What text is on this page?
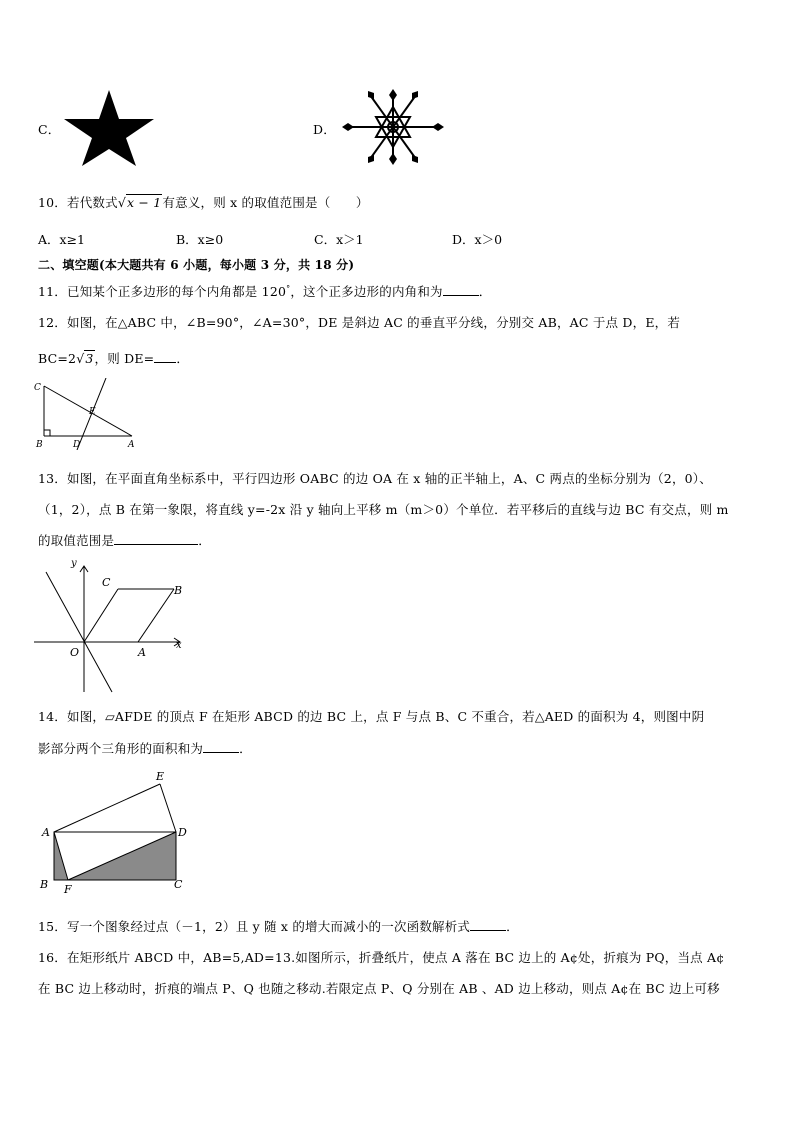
C．	D．
10．若代数式√x − 1有意义，则 x 的取值范围是（　　）
A．x≥1	B．x≥0	C．x＞1	D．x＞0
二、填空题(本大题共有 6 小题，每小题 3 分，共 18 分)
11．已知某个正多边形的每个内角都是 120°，这个正多边形的内角和为	．
12．如图，在△ABC 中，∠B=90°，∠A=30°，DE 是斜边 AC 的垂直平分线，分别交 AB，AC 于点 D，E，若
BC=2√3，则 DE= ．
C
E
B	D	A
13．如图，在平面直角坐标系中，平行四边形 OABC 的边 OA 在 x 轴的正半轴上，A、C 两点的坐标分别为（2，0）、
（1，2），点 B 在第一象限，将直线 y=-2x 沿 y 轴向上平移 m（m＞0）个单位．若平移后的直线与边 BC 有交点，则 m
的取值范围是	．
y
C
B
O	A
x
14．如图，▱AFDE 的顶点 F 在矩形 ABCD 的边 BC 上，点 F 与点 B、C 不重合，若△AED 的面积为 4，则图中阴
影部分两个三角形的面积和为	．
E
A	D
B F	C
15．写一个图象经过点（－1，2）且 y 随 x 的增大而减小的一次函数解析式	．
16．在矩形纸片 ABCD 中，AB=5,AD=13.如图所示，折叠纸片，使点 A 落在 BC 边上的 A¢处，折痕为 PQ，当点 A¢
在 BC 边上移动时，折痕的端点 P、Q 也随之移动.若限定点 P、Q 分别在 AB 、AD 边上移动，则点 A¢在 BC 边上可移
